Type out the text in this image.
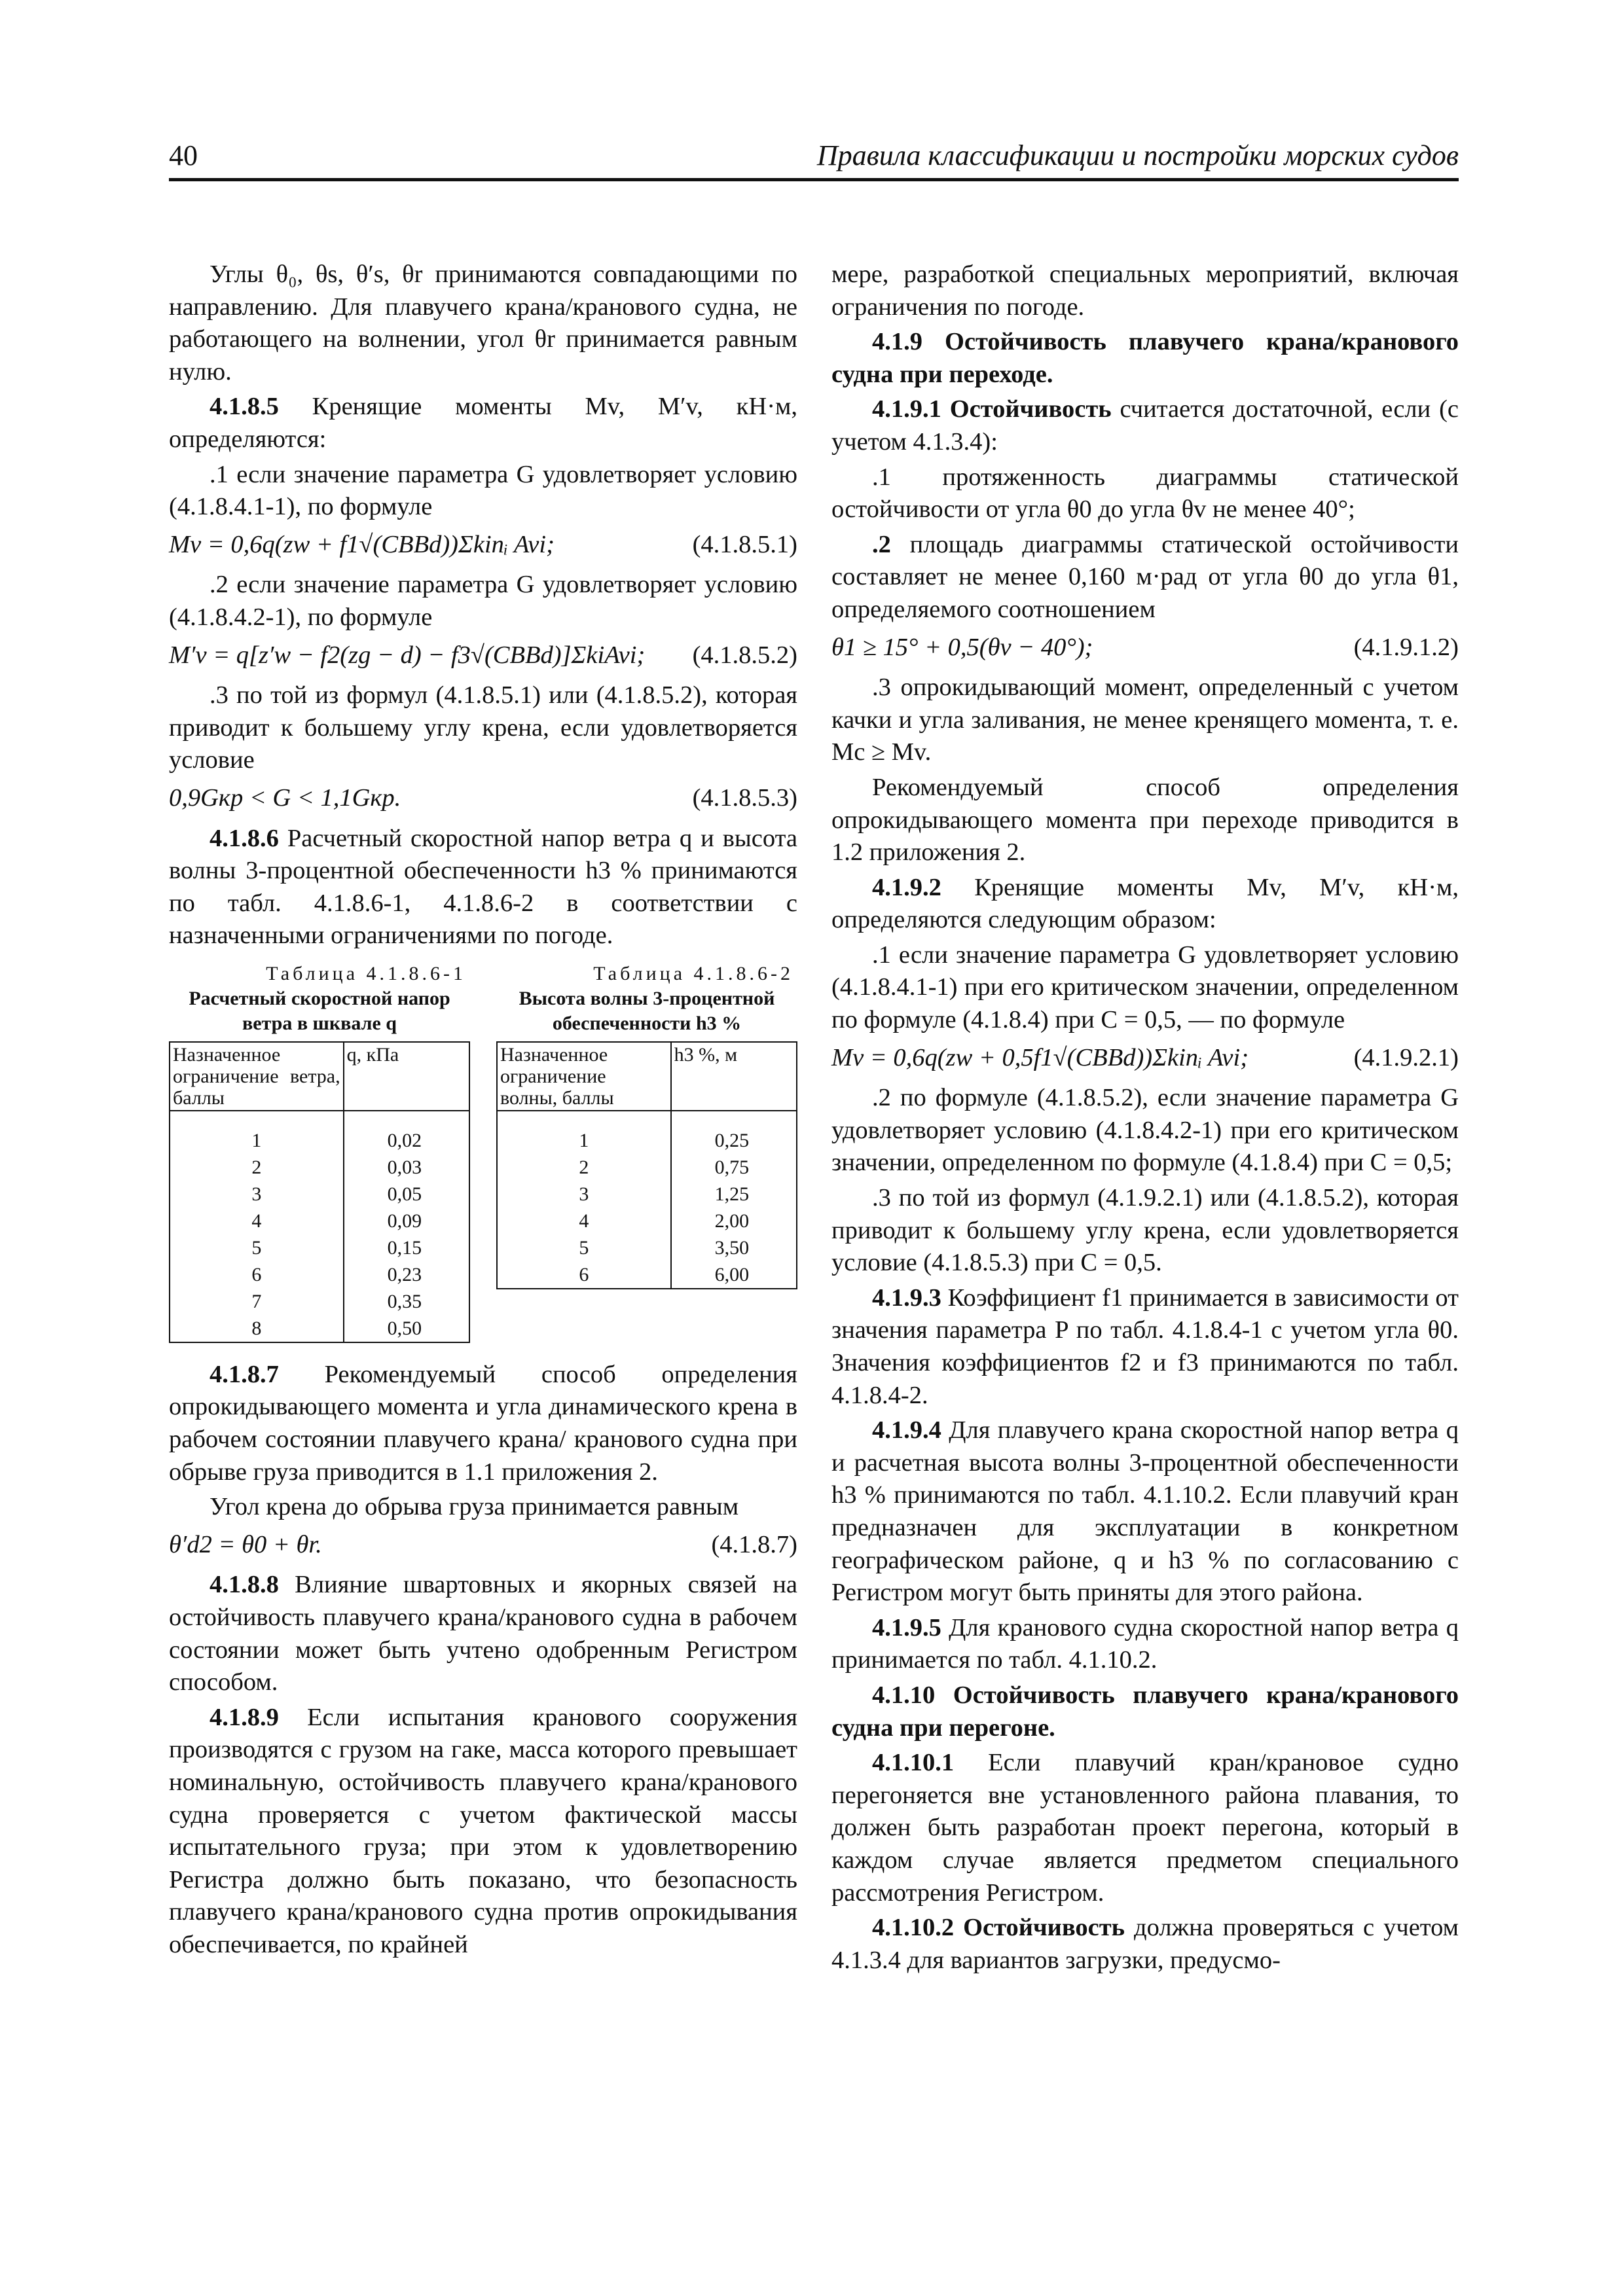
40	Правила классификации и постройки морских судов

Углы θ₀, θs, θ′s, θr принимаются совпадающими по направлению. Для плавучего крана/кранового судна, не работающего на волнении, угол θr принимается равным нулю.

4.1.8.5 Кренящие моменты Mv, M′v, кН·м, определяются:

.1 если значение параметра G удовлетворяет условию (4.1.8.4.1-1), по формуле

Mv = 0,6q(zw + f1√(CBBd))Σkinᵢ Avi;	(4.1.8.5.1)

.2 если значение параметра G удовлетворяет условию (4.1.8.4.2-1), по формуле

M′v = q[z′w − f2(zg − d) − f3√(CBBd)]ΣkiAvi; (4.1.8.5.2)

.3 по той из формул (4.1.8.5.1) или (4.1.8.5.2), которая приводит к большему углу крена, если удовлетворяется условие

0,9Gкр < G < 1,1Gкр.	(4.1.8.5.3)

4.1.8.6 Расчетный скоростной напор ветра q и высота волны 3-процентной обеспеченности h3 % принимаются по табл. 4.1.8.6-1, 4.1.8.6-2 в соответствии с назначенными ограничениями по погоде.

Таблица 4.1.8.6-1
Расчетный скоростной напор ветра в шквале q
Назначенное ограничение ветра, баллы	q, кПа
1	0,02
2	0,03
3	0,05
4	0,09
5	0,15
6	0,23
7	0,35
8	0,50
Таблица 4.1.8.6-2
Высота волны 3-процентной обеспеченности h3 %
Назначенное ограничение волны, баллы	h3 %, м
1	0,25
2	0,75
3	1,25
4	2,00
5	3,50
6	6,00

4.1.8.7 Рекомендуемый способ определения опрокидывающего момента и угла динамического крена в рабочем состоянии плавучего крана/ кранового судна при обрыве груза приводится в 1.1 приложения 2.

Угол крена до обрыва груза принимается равным

θ′d2 = θ0 + θr.	(4.1.8.7)

4.1.8.8 Влияние швартовных и якорных связей на остойчивость плавучего крана/кранового судна в рабочем состоянии может быть учтено одобренным Регистром способом.

4.1.8.9 Если испытания кранового сооружения производятся с грузом на гаке, масса которого превышает номинальную, остойчивость плавучего крана/кранового судна проверяется с учетом фактической массы испытательного груза; при этом к удовлетворению Регистра должно быть показано, что безопасность плавучего крана/кранового судна против опрокидывания обеспечивается, по крайней

мере, разработкой специальных мероприятий, включая ограничения по погоде.

4.1.9 Остойчивость плавучего крана/кранового судна при переходе.

4.1.9.1 Остойчивость считается достаточной, если (с учетом 4.1.3.4):

.1 протяженность диаграммы статической остойчивости от угла θ0 до угла θv не менее 40°;

.2 площадь диаграммы статической остойчивости составляет не менее 0,160 м·рад от угла θ0 до угла θ1, определяемого соотношением

θ1 ≥ 15° + 0,5(θv − 40°);	(4.1.9.1.2)

.3 опрокидывающий момент, определенный с учетом качки и угла заливания, не менее кренящего момента, т. е. Mc ≥ Mv.

Рекомендуемый способ определения опрокидывающего момента при переходе приводится в 1.2 приложения 2.

4.1.9.2 Кренящие моменты Mv, M′v, кН·м, определяются следующим образом:

.1 если значение параметра G удовлетворяет условию (4.1.8.4.1-1) при его критическом значении, определенном по формуле (4.1.8.4) при C = 0,5, — по формуле

Mv = 0,6q(zw + 0,5f1√(CBBd))Σkinᵢ Avi;	(4.1.9.2.1)

.2 по формуле (4.1.8.5.2), если значение параметра G удовлетворяет условию (4.1.8.4.2-1) при его критическом значении, определенном по формуле (4.1.8.4) при C = 0,5;

.3 по той из формул (4.1.9.2.1) или (4.1.8.5.2), которая приводит к большему углу крена, если удовлетворяется условие (4.1.8.5.3) при C = 0,5.

4.1.9.3 Коэффициент f1 принимается в зависимости от значения параметра P по табл. 4.1.8.4-1 с учетом угла θ0. Значения коэффициентов f2 и f3 принимаются по табл. 4.1.8.4-2.

4.1.9.4 Для плавучего крана скоростной напор ветра q и расчетная высота волны 3-процентной обеспеченности h3 % принимаются по табл. 4.1.10.2. Если плавучий кран предназначен для эксплуатации в конкретном географическом районе, q и h3 % по согласованию с Регистром могут быть приняты для этого района.

4.1.9.5 Для кранового судна скоростной напор ветра q принимается по табл. 4.1.10.2.

4.1.10 Остойчивость плавучего крана/кранового судна при перегоне.

4.1.10.1 Если плавучий кран/крановое судно перегоняется вне установленного района плавания, то должен быть разработан проект перегона, который в каждом случае является предметом специального рассмотрения Регистром.

4.1.10.2 Остойчивость должна проверяться с учетом 4.1.3.4 для вариантов загрузки, предусмо-
